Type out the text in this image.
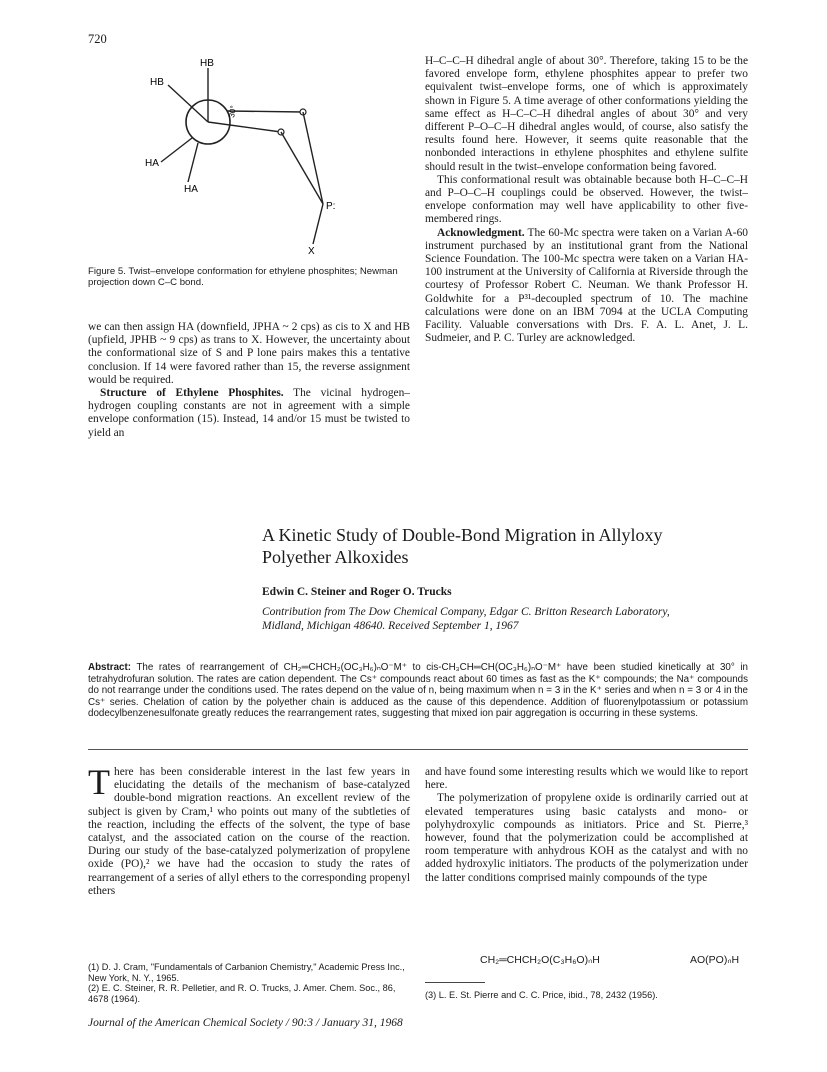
720
HB
HB
HA
HA
30°
P:
X
Figure 5. Twist–envelope conformation for ethylene phosphites; Newman projection down C–C bond.

H–C–C–H dihedral angle of about 30°. Therefore, taking 15 to be the favored envelope form, ethylene phosphites appear to prefer two equivalent twist–envelope forms, one of which is approximately shown in Figure 5. A time average of other conformations yielding the same effect as H–C–C–H dihedral angles of about 30° and very different P–O–C–H dihedral angles would, of course, also satisfy the results found here. However, it seems quite reasonable that the nonbonded interactions in ethylene phosphites and ethylene sulfite should result in the twist–envelope conformation being favored.

This conformational result was obtainable because both H–C–C–H and P–O–C–H couplings could be observed. However, the twist–envelope conformation may well have applicability to other five-membered rings.

Acknowledgment. The 60-Mc spectra were taken on a Varian A-60 instrument purchased by an institutional grant from the National Science Foundation. The 100-Mc spectra were taken on a Varian HA-100 instrument at the University of California at Riverside through the courtesy of Professor Robert C. Neuman. We thank Professor H. Goldwhite for a P³¹-decoupled spectrum of 10. The machine calculations were done on an IBM 7094 at the UCLA Computing Facility. Valuable conversations with Drs. F. A. L. Anet, J. L. Sudmeier, and P. C. Turley are acknowledged.

we can then assign HA (downfield, JPHA ~ 2 cps) as cis to X and HB (upfield, JPHB ~ 9 cps) as trans to X. However, the uncertainty about the conformational size of S and P lone pairs makes this a tentative conclusion. If 14 were favored rather than 15, the reverse assignment would be required.

Structure of Ethylene Phosphites. The vicinal hydrogen–hydrogen coupling constants are not in agreement with a simple envelope conformation (15). Instead, 14 and/or 15 must be twisted to yield an

A Kinetic Study of Double-Bond Migration in Allyloxy Polyether Alkoxides
Edwin C. Steiner and Roger O. Trucks
Contribution from The Dow Chemical Company, Edgar C. Britton Research Laboratory, Midland, Michigan 48640. Received September 1, 1967
Abstract: The rates of rearrangement of CH₂═CHCH₂(OC₃H₆)ₙO⁻M⁺ to cis-CH₃CH═CH(OC₃H₆)ₙO⁻M⁺ have been studied kinetically at 30° in tetrahydrofuran solution. The rates are cation dependent. The Cs⁺ compounds react about 60 times as fast as the K⁺ compounds; the Na⁺ compounds do not rearrange under the conditions used. The rates depend on the value of n, being maximum when n = 3 in the K⁺ series and when n = 3 or 4 in the Cs⁺ series. Chelation of cation by the polyether chain is adduced as the cause of this dependence. Addition of fluorenylpotassium or potassium dodecylbenzenesulfonate greatly reduces the rearrangement rates, suggesting that mixed ion pair aggregation is occurring in these systems.

There has been considerable interest in the last few years in elucidating the details of the mechanism of base-catalyzed double-bond migration reactions. An excellent review of the subject is given by Cram,¹ who points out many of the subtleties of the reaction, including the effects of the solvent, the type of base catalyst, and the associated cation on the course of the reaction. During our study of the base-catalyzed polymerization of propylene oxide (PO),² we have had the occasion to study the rates of rearrangement of a series of allyl ethers to the corresponding propenyl ethers

and have found some interesting results which we would like to report here.

The polymerization of propylene oxide is ordinarily carried out at elevated temperatures using basic catalysts and mono- or polyhydroxylic compounds as initiators. Price and St. Pierre,³ however, found that the polymerization could be accomplished at room temperature with anhydrous KOH as the catalyst and with no added hydroxylic initiators. The products of the polymerization under the latter conditions comprised mainly compounds of the type

CH₂═CHCH₂O(C₃H₆O)ₙH	AO(PO)ₙH

(1) D. J. Cram, "Fundamentals of Carbanion Chemistry," Academic Press Inc., New York, N. Y., 1965.

(2) E. C. Steiner, R. R. Pelletier, and R. O. Trucks, J. Amer. Chem. Soc., 86, 4678 (1964).	(3) L. E. St. Pierre and C. C. Price, ibid., 78, 2432 (1956).

Journal of the American Chemical Society / 90:3 / January 31, 1968
